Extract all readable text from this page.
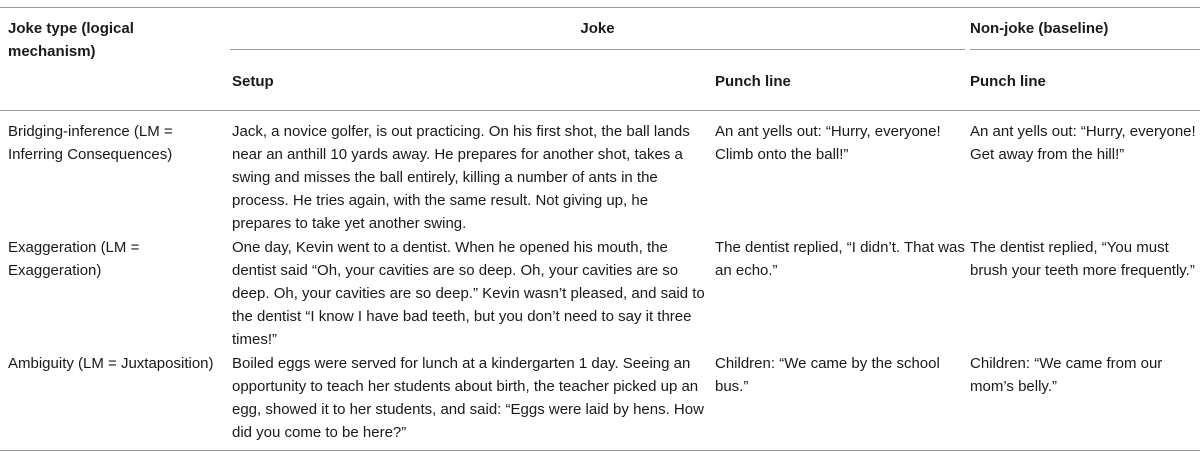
Joke type (logical mechanism)	Joke		Non-joke (baseline)

	Setup	Punch line	Punch line
Bridging-inference (LM = Inferring Consequences)	Jack, a novice golfer, is out practicing. On his first shot, the ball lands near an anthill 10 yards away. He prepares for another shot, takes a swing and misses the ball entirely, killing a number of ants in the process. He tries again, with the same result. Not giving up, he prepares to take yet another swing.	An ant yells out: “Hurry, everyone! Climb onto the ball!”	An ant yells out: “Hurry, everyone! Get away from the hill!”
Exaggeration (LM = Exaggeration)	One day, Kevin went to a dentist. When he opened his mouth, the dentist said “Oh, your cavities are so deep. Oh, your cavities are so deep. Oh, your cavities are so deep.” Kevin wasn’t pleased, and said to the dentist “I know I have bad teeth, but you don’t need to say it three times!”	The dentist replied, “I didn’t. That was an echo.”	The dentist replied, “You must brush your teeth more frequently.”
Ambiguity (LM = Juxtaposition)	Boiled eggs were served for lunch at a kindergarten 1 day. Seeing an opportunity to teach her students about birth, the teacher picked up an egg, showed it to her students, and said: “Eggs were laid by hens. How did you come to be here?”	Children: “We came by the school bus.”	Children: “We came from our mom’s belly.”
